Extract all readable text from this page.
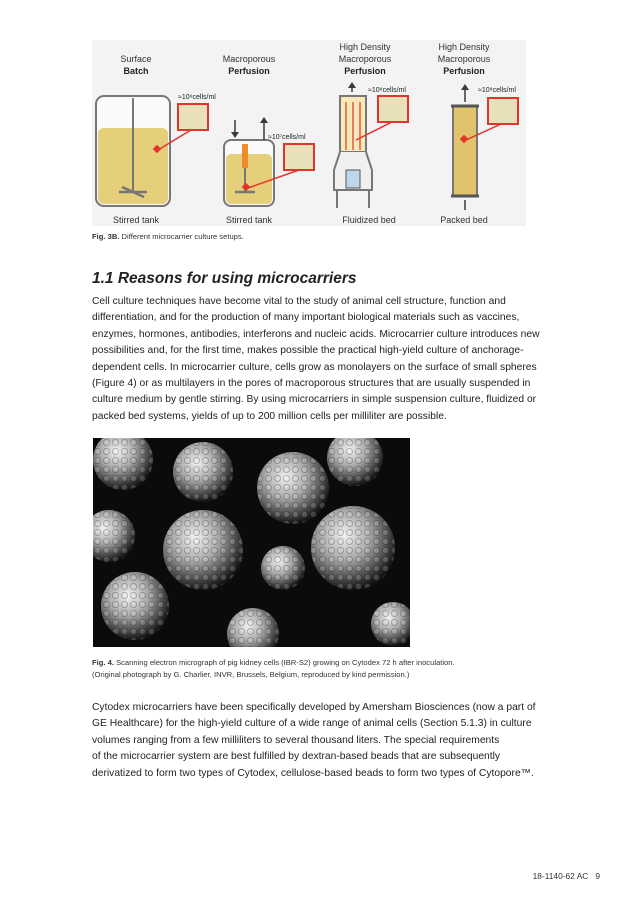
Surface
Batch
≈10⁶cells/ml
Stirred tank
Macroporous
Perfusion
≈10⁷cells/ml
Stirred tank
High Density
Macroporous
Perfusion
≈10⁸cells/ml
Fluidized bed
High Density
Macroporous
Perfusion
≈10⁸cells/ml
Packed bed
Fig. 3B. Different microcarrier culture setups.
1.1 Reasons for using microcarriers
Cell culture techniques have become vital to the study of animal cell structure, function and differentiation, and for the production of many important biological materials such as vaccines, enzymes, hormones, antibodies, interferons and nucleic acids. Microcarrier culture introduces new possibilities and, for the first time, makes possible the practical high-yield culture of anchorage-dependent cells. In microcarrier culture, cells grow as monolayers on the surface of small spheres (Figure 4) or as multilayers in the pores of macroporous structures that are usually suspended in culture medium by gentle stirring. By using microcarriers in simple suspension culture, fluidized or packed bed systems, yields of up to 200 million cells per milliliter are possible.
Fig. 4. Scanning electron micrograph of pig kidney cells (IBR-S2) growing on Cytodex 72 h after inoculation.
(Original photograph by G. Charlier, INVR, Brussels, Belgium, reproduced by kind permission.)
Cytodex microcarriers have been specifically developed by Amersham Biosciences (now a part of
GE Healthcare) for the high-yield culture of a wide range of animal cells (Section 5.1.3) in culture
volumes ranging from a few milliliters to several thousand liters. The special requirements
of the microcarrier system are best fulfilled by dextran-based beads that are subsequently
derivatized to form two types of Cytodex, cellulose-based beads to form two types of Cytopore™.
18-1140-62 AC 9
